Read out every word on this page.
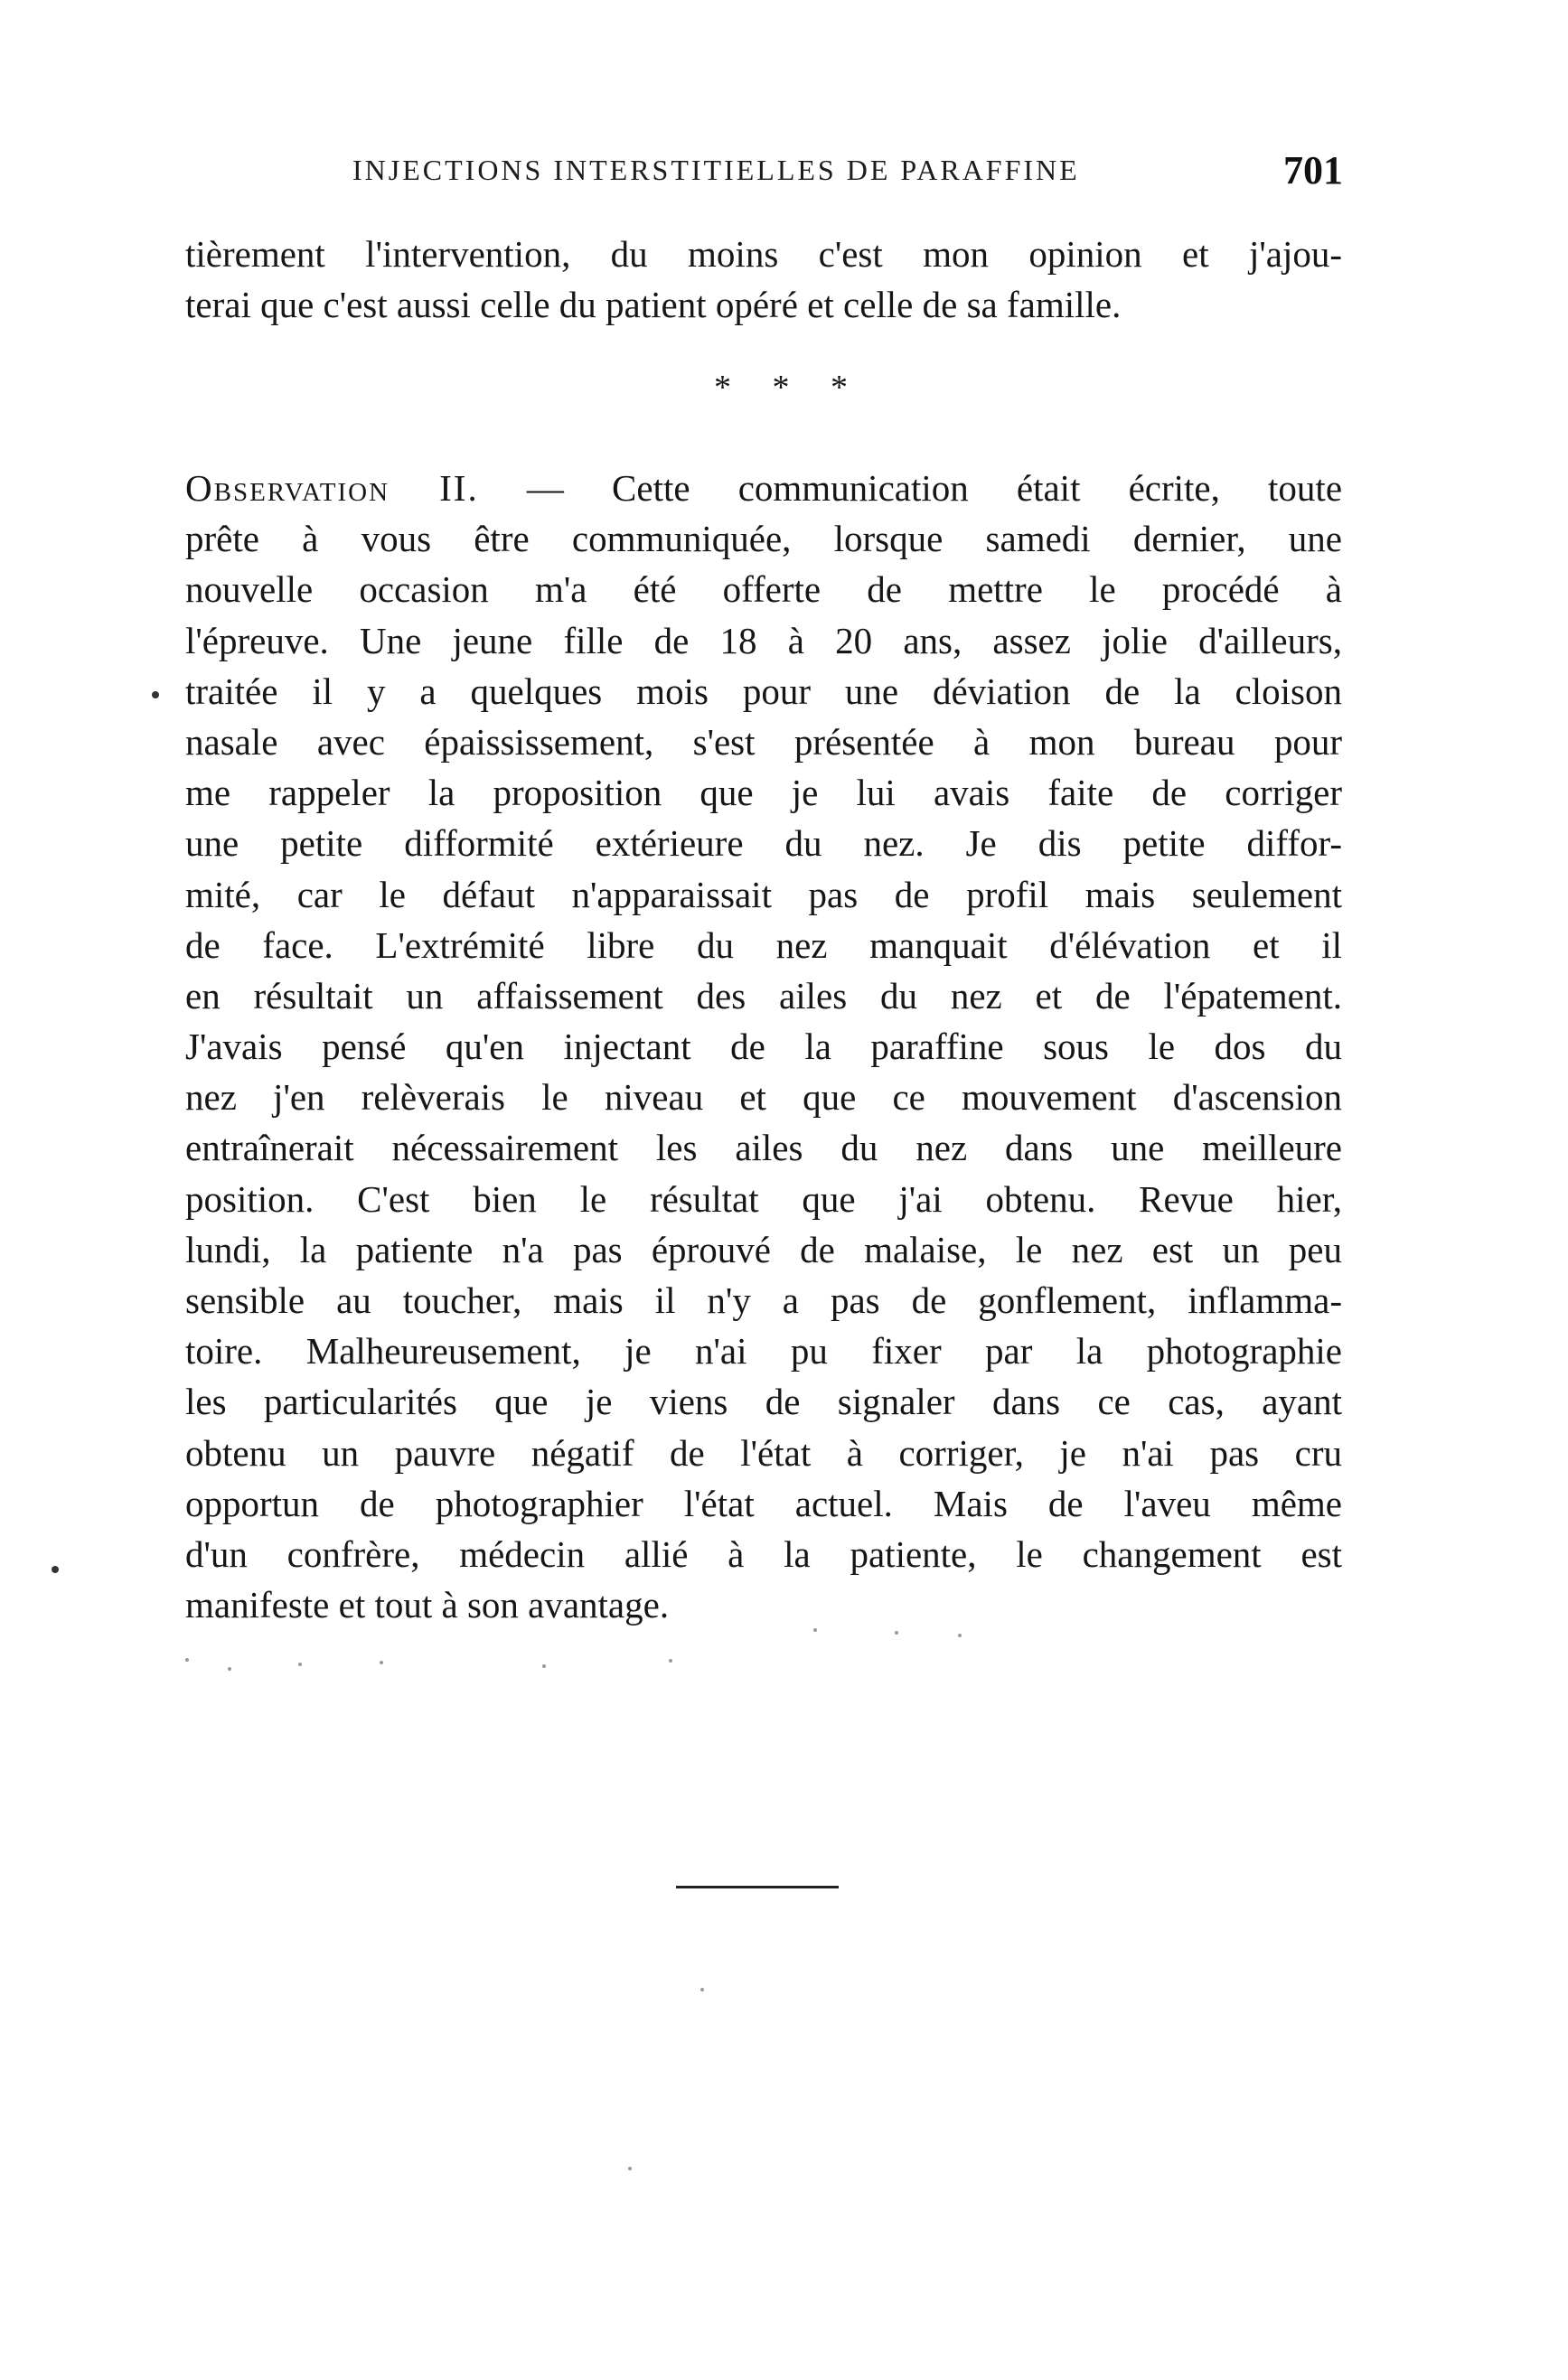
INJECTIONS INTERSTITIELLES DE PARAFFINE	701
tièrement l'intervention, du moins c'est mon opinion et j'ajou-
terai que c'est aussi celle du patient opéré et celle de sa famille.
* * *
Observation II. — Cette communication était écrite, toute
prête à vous être communiquée, lorsque samedi dernier, une
nouvelle occasion m'a été offerte de mettre le procédé à
l'épreuve. Une jeune fille de 18 à 20 ans, assez jolie d'ailleurs,
traitée il y a quelques mois pour une déviation de la cloison
nasale avec épaississement, s'est présentée à mon bureau pour
me rappeler la proposition que je lui avais faite de corriger
une petite difformité extérieure du nez. Je dis petite diffor-
mité, car le défaut n'apparaissait pas de profil mais seulement
de face. L'extrémité libre du nez manquait d'élévation et il
en résultait un affaissement des ailes du nez et de l'épatement.
J'avais pensé qu'en injectant de la paraffine sous le dos du
nez j'en relèverais le niveau et que ce mouvement d'ascension
entraînerait nécessairement les ailes du nez dans une meilleure
position. C'est bien le résultat que j'ai obtenu. Revue hier,
lundi, la patiente n'a pas éprouvé de malaise, le nez est un peu
sensible au toucher, mais il n'y a pas de gonflement, inflamma-
toire. Malheureusement, je n'ai pu fixer par la photographie
les particularités que je viens de signaler dans ce cas, ayant
obtenu un pauvre négatif de l'état à corriger, je n'ai pas cru
opportun de photographier l'état actuel. Mais de l'aveu même
d'un confrère, médecin allié à la patiente, le changement est
manifeste et tout à son avantage.
